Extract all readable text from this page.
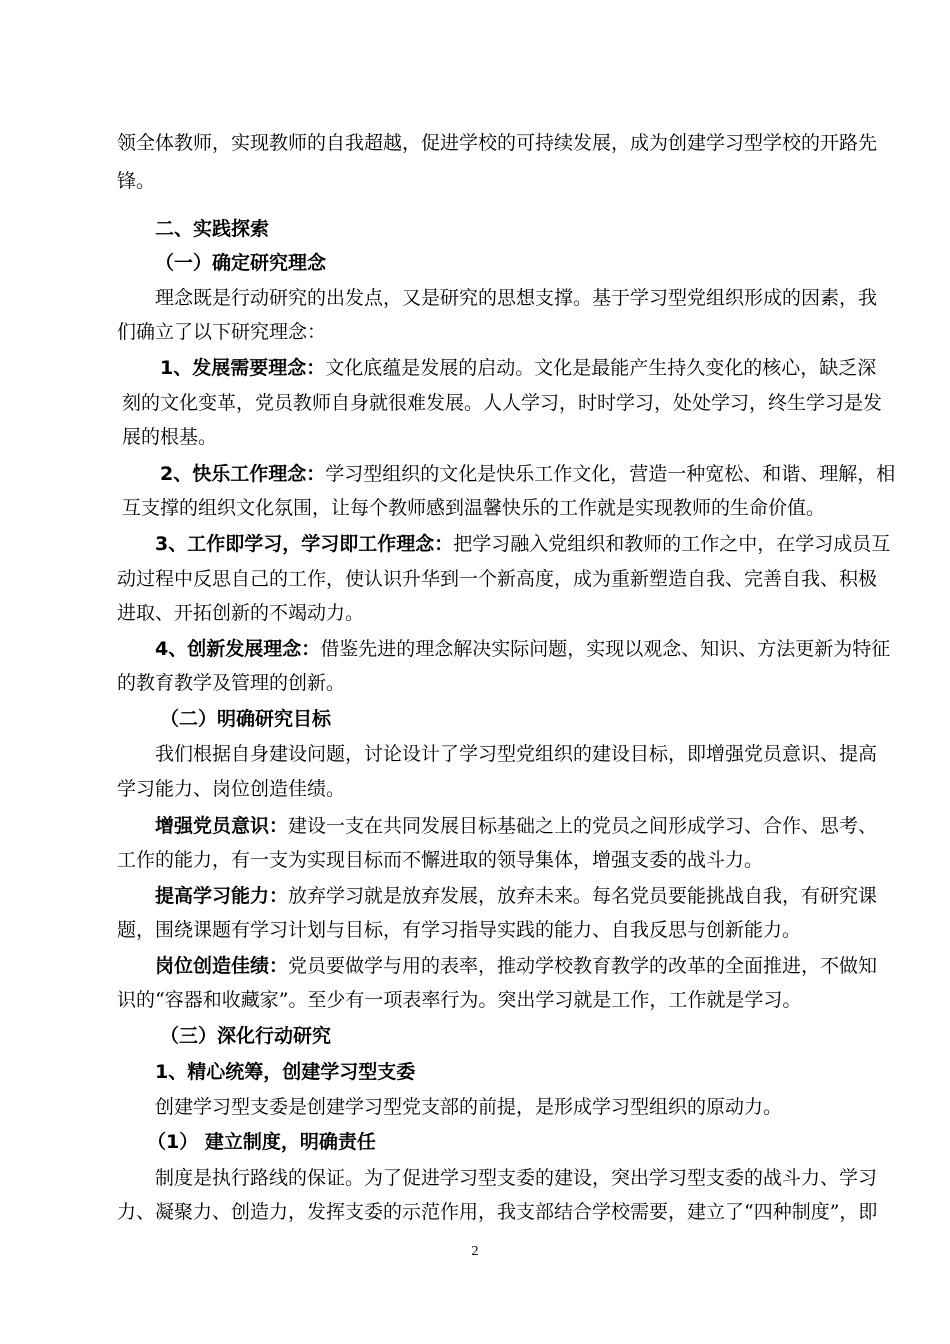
领全体教师，实现教师的自我超越，促进学校的可持续发展，成为创建学习型学校的开路先
锋。
二、实践探索
（一）确定研究理念
理念既是行动研究的出发点，又是研究的思想支撑。基于学习型党组织形成的因素，我
们确立了以下研究理念：
1、发展需要理念：文化底蕴是发展的启动。文化是最能产生持久变化的核心，缺乏深
刻的文化变革，党员教师自身就很难发展。人人学习，时时学习，处处学习，终生学习是发
展的根基。
2、快乐工作理念：学习型组织的文化是快乐工作文化，营造一种宽松、和谐、理解，相
互支撑的组织文化氛围，让每个教师感到温馨快乐的工作就是实现教师的生命价值。
3、工作即学习，学习即工作理念：把学习融入党组织和教师的工作之中，在学习成员互
动过程中反思自己的工作，使认识升华到一个新高度，成为重新塑造自我、完善自我、积极
进取、开拓创新的不竭动力。
4、创新发展理念：借鉴先进的理念解决实际问题，实现以观念、知识、方法更新为特征
的教育教学及管理的创新。
（二）明确研究目标
我们根据自身建设问题，讨论设计了学习型党组织的建设目标，即增强党员意识、提高
学习能力、岗位创造佳绩。
增强党员意识：建设一支在共同发展目标基础之上的党员之间形成学习、合作、思考、
工作的能力，有一支为实现目标而不懈进取的领导集体，增强支委的战斗力。
提高学习能力：放弃学习就是放弃发展，放弃未来。每名党员要能挑战自我，有研究课
题，围绕课题有学习计划与目标，有学习指导实践的能力、自我反思与创新能力。
岗位创造佳绩：党员要做学与用的表率，推动学校教育教学的改革的全面推进，不做知
识的“容器和收藏家”。至少有一项表率行为。突出学习就是工作，工作就是学习。
（三）深化行动研究
1、精心统筹，创建学习型支委
创建学习型支委是创建学习型党支部的前提，是形成学习型组织的原动力。
（1） 建立制度，明确责任
制度是执行路线的保证。为了促进学习型支委的建设，突出学习型支委的战斗力、学习
力、凝聚力、创造力，发挥支委的示范作用，我支部结合学校需要，建立了“四种制度”，即
2
